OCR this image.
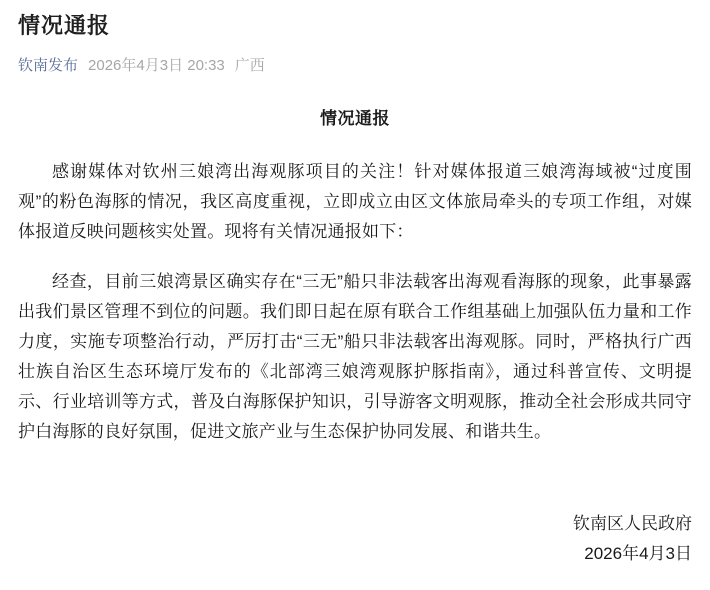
情况通报
钦南发布 2026年4月3日 20:33 广西
情况通报

感谢媒体对钦州三娘湾出海观豚项目的关注！针对媒体报道三娘湾海域被“过度围观”的粉色海豚的情况，我区高度重视，立即成立由区文体旅局牵头的专项工作组，对媒体报道反映问题核实处置。现将有关情况通报如下：

经查，目前三娘湾景区确实存在“三无”船只非法载客出海观看海豚的现象，此事暴露出我们景区管理不到位的问题。我们即日起在原有联合工作组基础上加强队伍力量和工作力度，实施专项整治行动，严厉打击“三无”船只非法载客出海观豚。同时，严格执行广西壮族自治区生态环境厅发布的《北部湾三娘湾观豚护豚指南》，通过科普宣传、文明提示、行业培训等方式，普及白海豚保护知识，引导游客文明观豚，推动全社会形成共同守护白海豚的良好氛围，促进文旅产业与生态保护协同发展、和谐共生。

钦南区人民政府
2026年4月3日
